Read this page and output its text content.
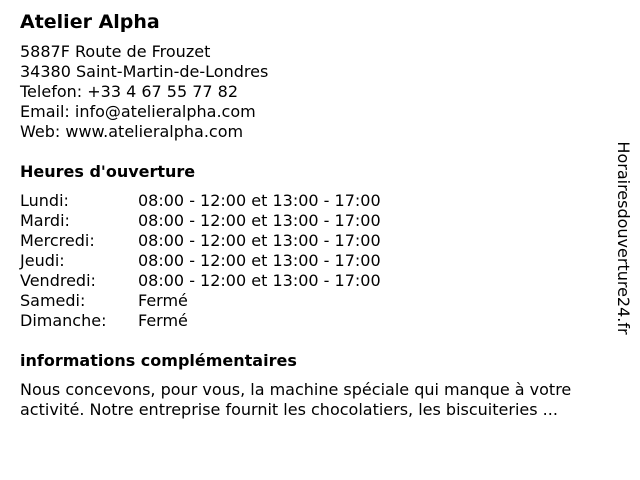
Atelier Alpha
5887F Route de Frouzet
34380 Saint-Martin-de-Londres
Telefon: +33 4 67 55 77 82
Email: info@atelieralpha.com
Web: www.atelieralpha.com
Heures d'ouverture
Lundi:	08:00 - 12:00 et 13:00 - 17:00
Mardi:	08:00 - 12:00 et 13:00 - 17:00
Mercredi:	08:00 - 12:00 et 13:00 - 17:00
Jeudi:	08:00 - 12:00 et 13:00 - 17:00
Vendredi:	08:00 - 12:00 et 13:00 - 17:00
Samedi:	Fermé
Dimanche:	Fermé
informations complémentaires

Nous concevons, pour vous, la machine spéciale qui manque à votre activité. Notre entreprise fournit les chocolatiers, les biscuiteries ...

Horairesdouverture24.fr
